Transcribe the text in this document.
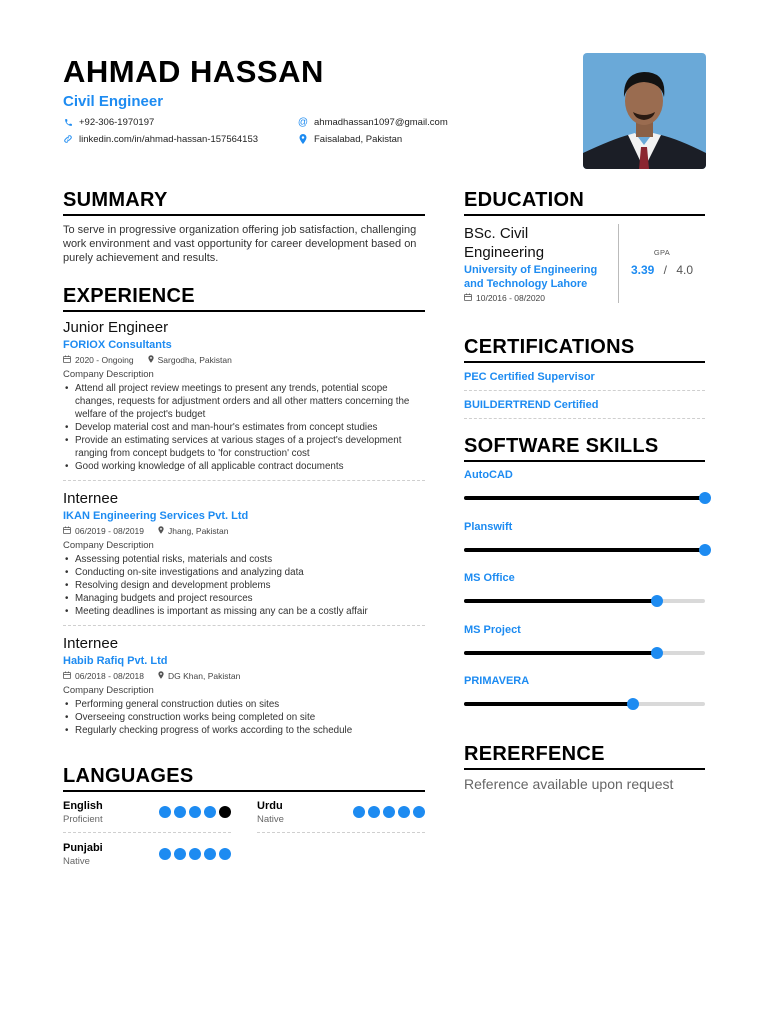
AHMAD HASSAN
Civil Engineer
+92-306-1970197	@ ahmadhassan1097@gmail.com
linkedin.com/in/ahmad-hassan-157564153	Faisalabad, Pakistan
SUMMARY
To serve in progressive organization offering job satisfaction, challenging work environment and vast opportunity for career development based on purely achievement and results.
EXPERIENCE
Junior Engineer
FORIOX Consultants
2020 - Ongoing	Sargodha, Pakistan
Company Description
• Attend all project review meetings to present any trends, potential scope changes, requests for adjustment orders and all other matters concerning the welfare of the project's budget
• Develop material cost and man-hour's estimates from concept studies
• Provide an estimating services at various stages of a project's development ranging from concept budgets to 'for construction' cost
• Good working knowledge of all applicable contract documents
Internee
IKAN Engineering Services Pvt. Ltd
06/2019 - 08/2019	Jhang, Pakistan
Company Description
• Assessing potential risks, materials and costs
• Conducting on-site investigations and analyzing data
• Resolving design and development problems
• Managing budgets and project resources
• Meeting deadlines is important as missing any can be a costly affair
Internee
Habib Rafiq Pvt. Ltd
06/2018 - 08/2018	DG Khan, Pakistan
Company Description
• Performing general construction duties on sites
• Overseeing construction works being completed on site
• Regularly checking progress of works according to the schedule
LANGUAGES
English
Proficient
Urdu
Native
Punjabi
Native
EDUCATION
BSc. Civil Engineering
University of Engineering and Technology Lahore
10/2016 - 08/2020
GPA
3.39 / 4.0
CERTIFICATIONS
PEC Certified Supervisor
BUILDERTREND Certified
SOFTWARE SKILLS
AutoCAD
Planswift
MS Office
MS Project
PRIMAVERA
RERERFENCE
Reference available upon request
